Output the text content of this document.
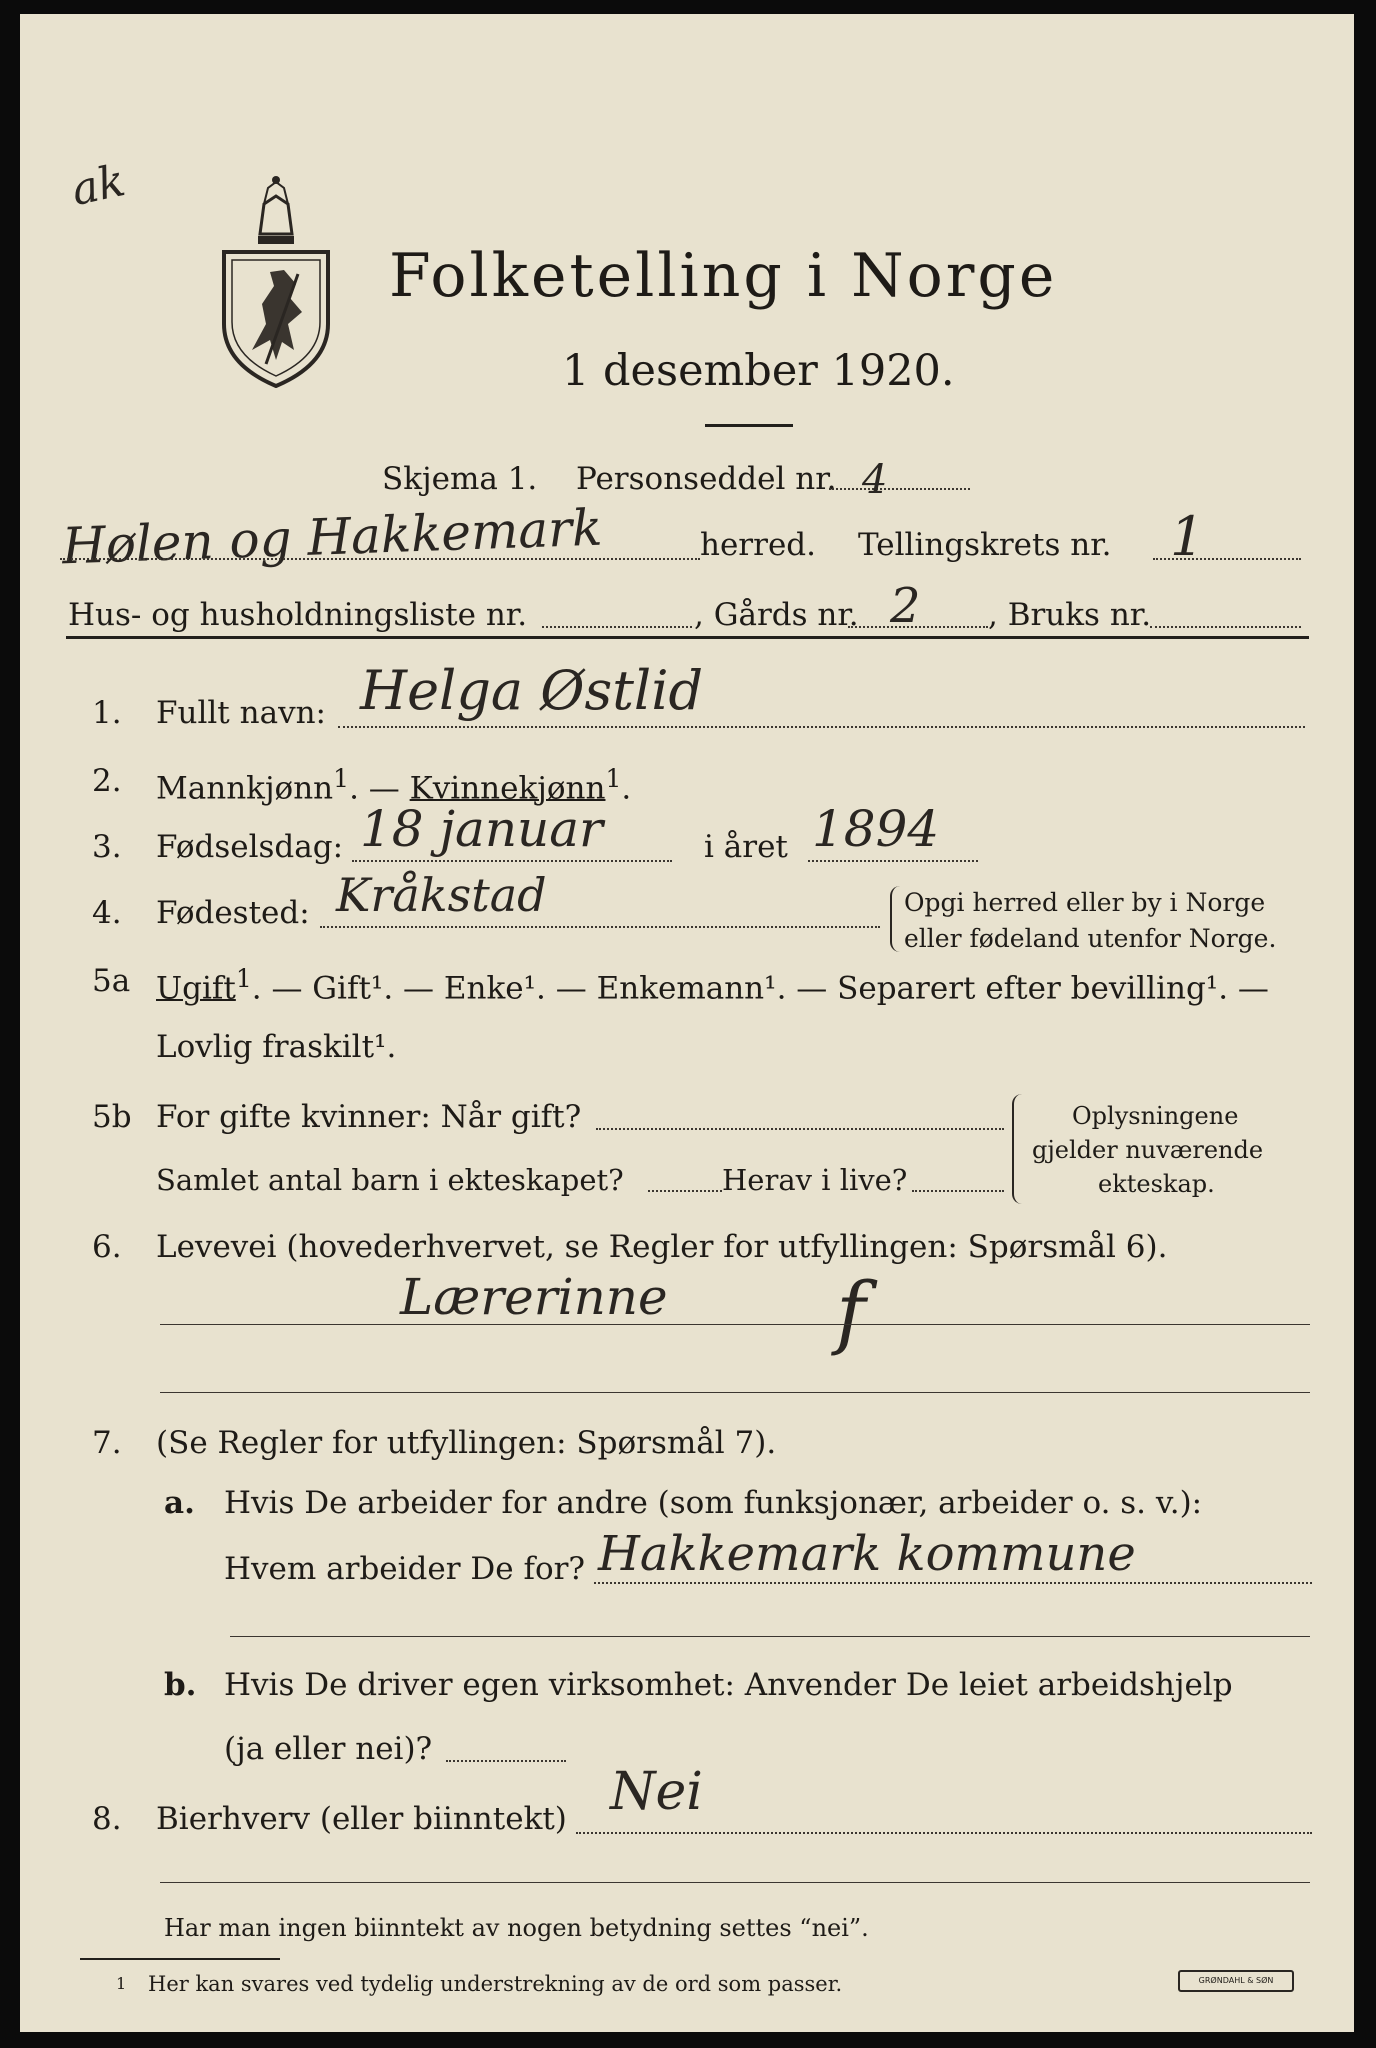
ak
Folketelling i Norge
1 desember 1920.
Skjema 1. Personseddel nr. 4
Hølen og Hakkemark	herred. Tellingskrets nr. 1
Hus- og husholdningsliste nr.	, Gårds nr. 2 , Bruks nr.
1. Fullt navn: Helga Østlid
2. Mannkjønn$^1$. — Kvinnekjønn$^1$.
3. Fødselsdag: 18 januar	i året 1894
4. Fødested: Kråkstad	Opgi herred eller by i Norge
eller fødeland utenfor Norge.
5a Ugift$^1$. — Gift¹. — Enke¹. — Enkemann¹. — Separert efter bevilling¹. —
Lovlig fraskilt¹.
5b For gifte kvinner: Når gift?
Samlet antal barn i ekteskapet?	Herav i live?
Oplysningene
gjelder nuværende
ekteskap.
6. Levevei (hovederhvervet, se Regler for utfyllingen: Spørsmål 6).
Lærerinne f
7. (Se Regler for utfyllingen: Spørsmål 7).
a. Hvis De arbeider for andre (som funksjonær, arbeider o. s. v.):
Hvem arbeider De for? Hakkemark kommune
b. Hvis De driver egen virksomhet: Anvender De leiet arbeidshjelp
(ja eller nei)?
8. Bierhverv (eller biinntekt) Nei
Har man ingen biinntekt av nogen betydning settes “nei”.
1 Her kan svares ved tydelig understrekning av de ord som passer.	GRØNDAHL & SØN
